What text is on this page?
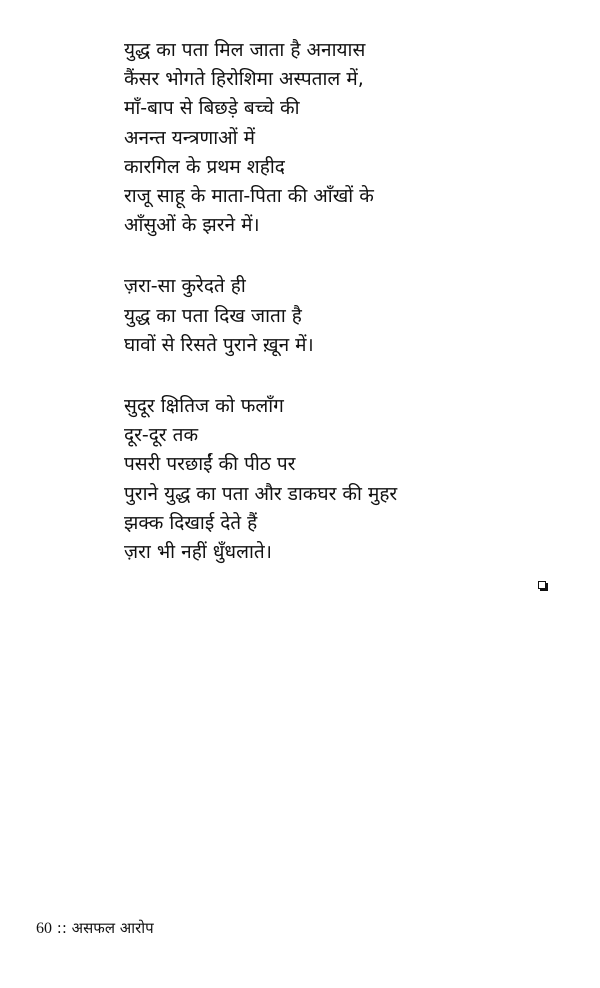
युद्ध का पता मिल जाता है अनायास
कैंसर भोगते हिरोशिमा अस्पताल में,
माँ-बाप से बिछड़े बच्चे की
अनन्त यन्त्रणाओं में
कारगिल के प्रथम शहीद
राजू साहू के माता-पिता की आँखों के
आँसुओं के झरने में।
ज़रा-सा कुरेदते ही
युद्ध का पता दिख जाता है
घावों से रिसते पुराने ख़ून में।
सुदूर क्षितिज को फलाँग
दूर-दूर तक
पसरी परछाईं की पीठ पर
पुराने युद्ध का पता और डाकघर की मुहर
झक्क दिखाई देते हैं
ज़रा भी नहीं धुँधलाते।
60 :: असफल आरोप
